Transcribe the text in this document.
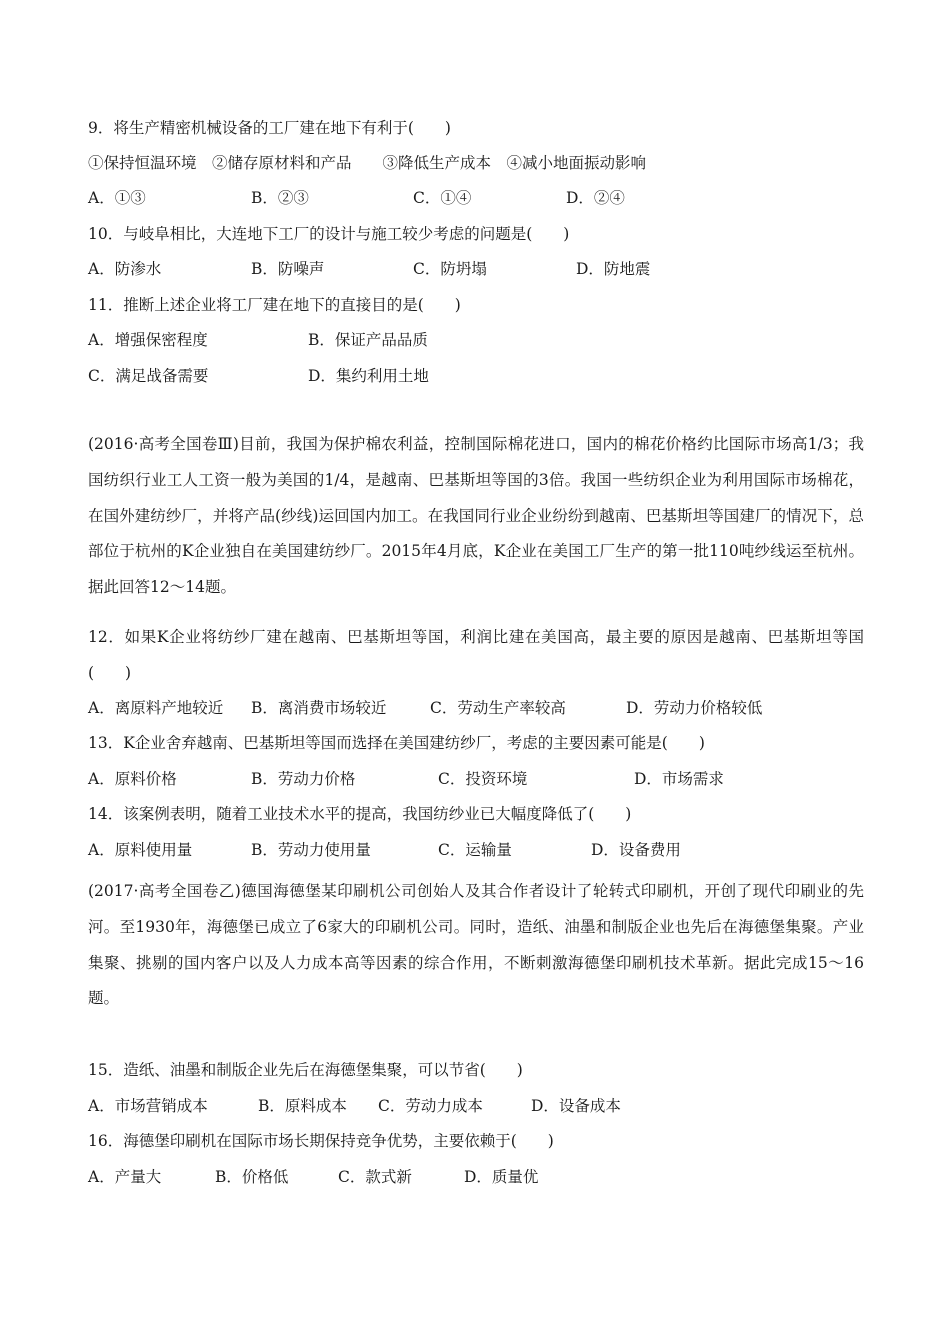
9．将生产精密机械设备的工厂建在地下有利于(　　)
①保持恒温环境　②储存原材料和产品　　③降低生产成本　④减小地面振动影响
A．①③	B．②③	C．①④	D．②④
10．与岐阜相比，大连地下工厂的设计与施工较少考虑的问题是(　　)
A．防渗水	B．防噪声	C．防坍塌	D．防地震
11．推断上述企业将工厂建在地下的直接目的是(　　)
A．增强保密程度	B．保证产品品质
C．满足战备需要	D．集约利用土地
(2016·高考全国卷Ⅲ)目前，我国为保护棉农利益，控制国际棉花进口，国内的棉花价格约比国际市场高1/3；我国纺织行业工人工资一般为美国的1/4，是越南、巴基斯坦等国的3倍。我国一些纺织企业为利用国际市场棉花，在国外建纺纱厂，并将产品(纱线)运回国内加工。在我国同行业企业纷纷到越南、巴基斯坦等国建厂的情况下，总部位于杭州的K企业独自在美国建纺纱厂。2015年4月底，K企业在美国工厂生产的第一批110吨纱线运至杭州。据此回答12～14题。
12．如果K企业将纺纱厂建在越南、巴基斯坦等国，利润比建在美国高，最主要的原因是越南、巴基斯坦等国(　　)
A．离原料产地较近 B．离消费市场较近	C．劳动生产率较高	D．劳动力价格较低
13．K企业舍弃越南、巴基斯坦等国而选择在美国建纺纱厂，考虑的主要因素可能是(　　)
A．原料价格	B．劳动力价格	C．投资环境	D．市场需求
14．该案例表明，随着工业技术水平的提高，我国纺纱业已大幅度降低了(　　)
A．原料使用量	B．劳动力使用量	C．运输量	D．设备费用
(2017·高考全国卷乙)德国海德堡某印刷机公司创始人及其合作者设计了轮转式印刷机，开创了现代印刷业的先河。至1930年，海德堡已成立了6家大的印刷机公司。同时，造纸、油墨和制版企业也先后在海德堡集聚。产业集聚、挑剔的国内客户以及人力成本高等因素的综合作用，不断刺激海德堡印刷机技术革新。据此完成15～16题。
15．造纸、油墨和制版企业先后在海德堡集聚，可以节省(　　)
A．市场营销成本	B．原料成本 C．劳动力成本	D．设备成本
16．海德堡印刷机在国际市场长期保持竞争优势，主要依赖于(　　)
A．产量大	B．价格低	C．款式新	D．质量优
